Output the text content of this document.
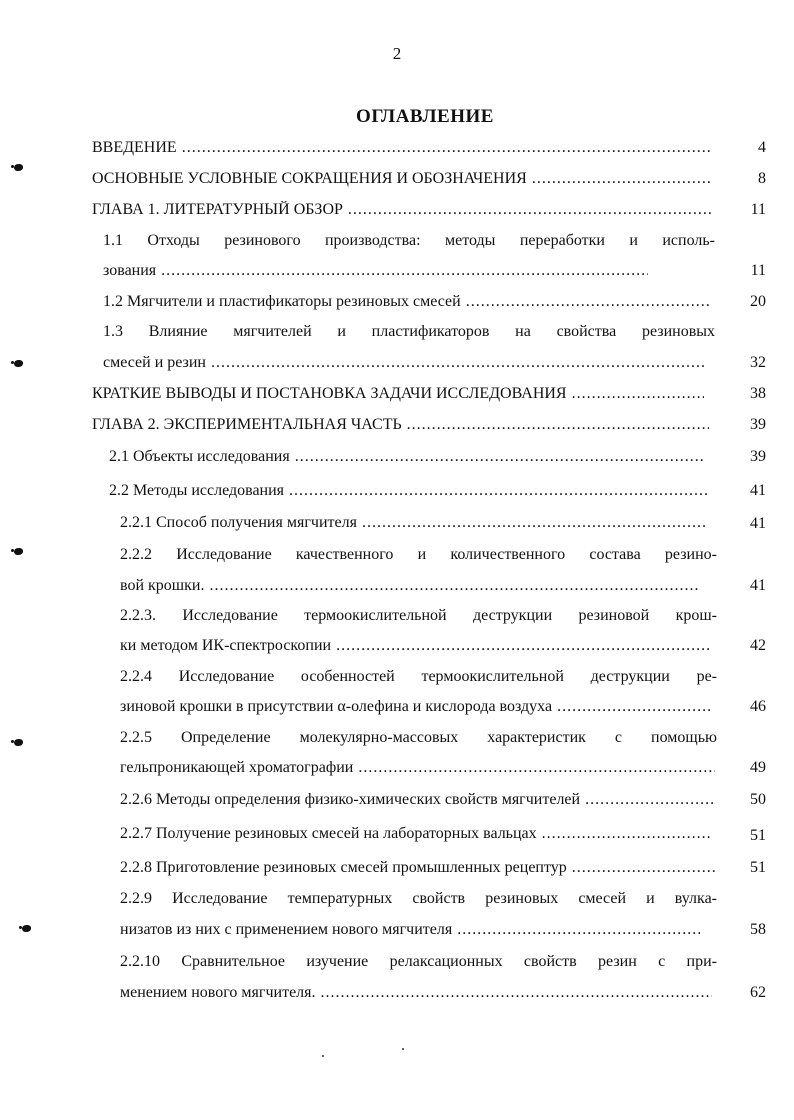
2
ОГЛАВЛЕНИЕ
ВВЕДЕНИЕ .....	4
ОСНОВНЫЕ УСЛОВНЫЕ СОКРАЩЕНИЯ И ОБОЗНАЧЕНИЯ .....	8
ГЛАВА 1. ЛИТЕРАТУРНЫЙ ОБЗОР .....	11
1.1 Отходы резинового производства: методы переработки и исполь-
зования .....	11
1.2 Мягчители и пластификаторы резиновых смесей .....	20
1.3 Влияние мягчителей и пластификаторов на свойства резиновых
смесей и резин .....	32
КРАТКИЕ ВЫВОДЫ И ПОСТАНОВКА ЗАДАЧИ ИССЛЕДОВАНИЯ .....	38
ГЛАВА 2. ЭКСПЕРИМЕНТАЛЬНАЯ ЧАСТЬ .....	39
2.1 Объекты исследования .....	39
2.2 Методы исследования .....	41
2.2.1 Способ получения мягчителя .....	41
2.2.2 Исследование качественного и количественного состава резино-
вой крошки. .....	41
2.2.3. Исследование термоокислительной деструкции резиновой крош-
ки методом ИК-спектроскопии .....	42
2.2.4 Исследование особенностей термоокислительной деструкции ре-
зиновой крошки в присутствии α-олефина и кислорода воздуха .....	46
2.2.5 Определение молекулярно-массовых характеристик с помощью
гельпроникающей хроматографии .....	49
2.2.6 Методы определения физико-химических свойств мягчителей .....	50
2.2.7 Получение резиновых смесей на лабораторных вальцах .....	51
2.2.8 Приготовление резиновых смесей промышленных рецептур .....	51
2.2.9 Исследование температурных свойств резиновых смесей и вулка-
низатов из них с применением нового мягчителя .....	58
2.2.10 Сравнительное изучение релаксационных свойств резин с при-
менением нового мягчителя. .....	62
